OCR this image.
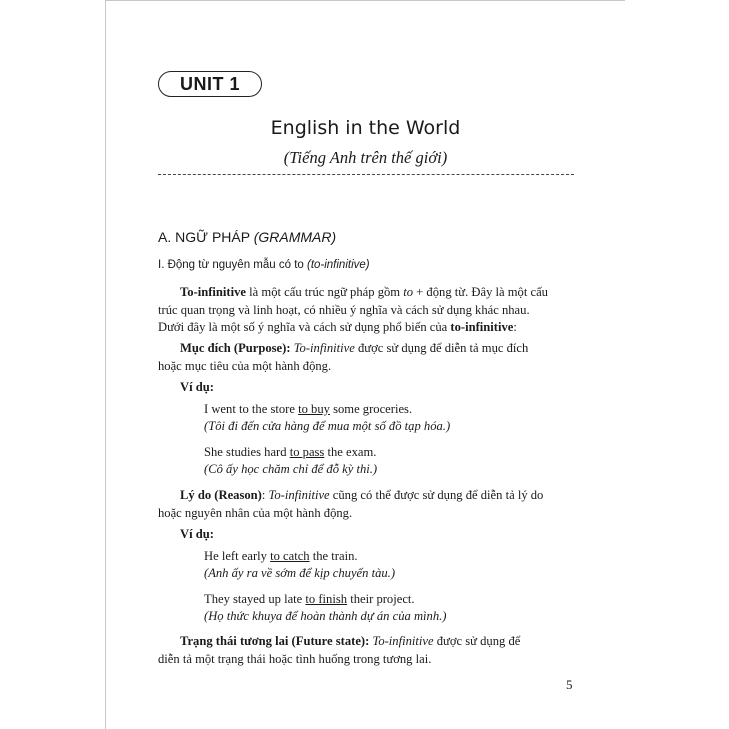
UNIT 1
English in the World
(Tiếng Anh trên thế giới)
A. NGỮ PHÁP (GRAMMAR)
I. Động từ nguyên mẫu có to (to-infinitive)
To-infinitive là một cấu trúc ngữ pháp gồm to + động từ. Đây là một cấu
trúc quan trọng và linh hoạt, có nhiều ý nghĩa và cách sử dụng khác nhau.
Dưới đây là một số ý nghĩa và cách sử dụng phổ biến của to-infinitive:
Mục đích (Purpose): To-infinitive được sử dụng để diễn tả mục đích
hoặc mục tiêu của một hành động.
Ví dụ:
I went to the store to buy some groceries.
(Tôi đi đến cửa hàng để mua một số đồ tạp hóa.)
She studies hard to pass the exam.
(Cô ấy học chăm chỉ để đỗ kỳ thi.)
Lý do (Reason): To-infinitive cũng có thể được sử dụng để diễn tả lý do
hoặc nguyên nhân của một hành động.
Ví dụ:
He left early to catch the train.
(Anh ấy ra về sớm để kịp chuyến tàu.)
They stayed up late to finish their project.
(Họ thức khuya để hoàn thành dự án của mình.)
Trạng thái tương lai (Future state): To-infinitive được sử dụng để
diễn tả một trạng thái hoặc tình huống trong tương lai.
5
